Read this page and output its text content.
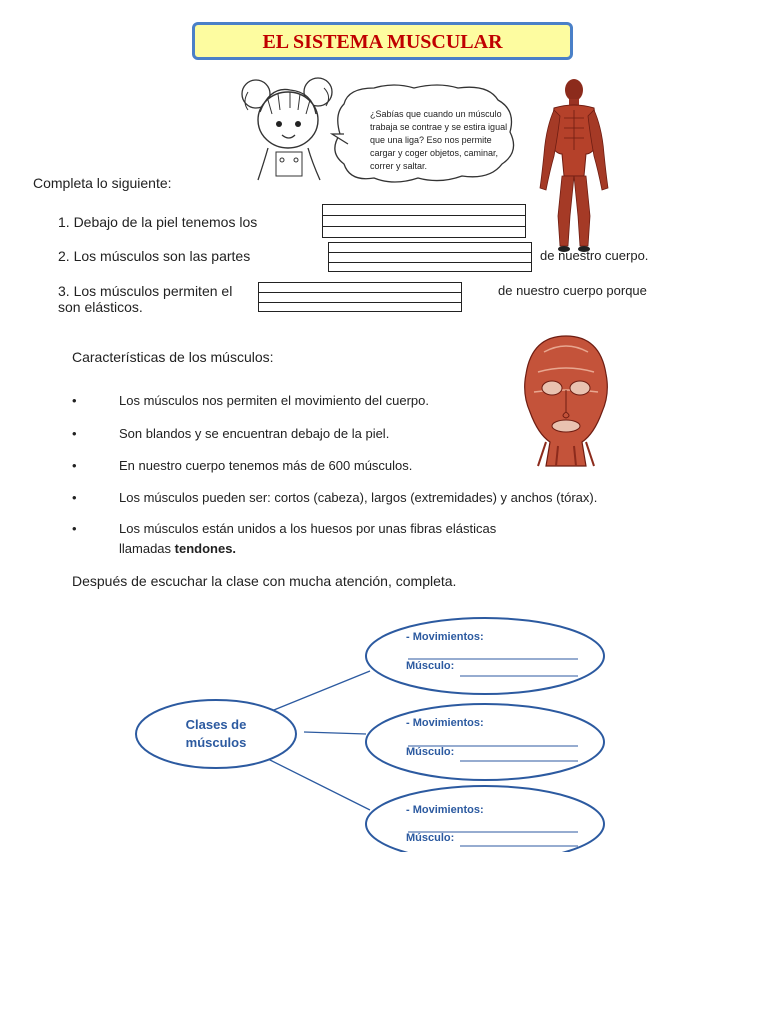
EL SISTEMA MUSCULAR
¿Sabías que cuando un músculo trabaja se contrae y se estira igual que una liga? Eso nos permite cargar y coger objetos, caminar, correr y saltar.
Completa lo siguiente:
1. Debajo de la piel tenemos los
2. Los músculos son las partes	de nuestro cuerpo.
3. Los músculos permiten el	de nuestro cuerpo porque
son elásticos.
Características de los músculos:
•	Los músculos nos permiten el movimiento del cuerpo.
•	Son blandos y se encuentran debajo de la piel.
•	En nuestro cuerpo tenemos más de 600 músculos.
•	Los músculos pueden ser: cortos (cabeza), largos (extremidades) y anchos (tórax).
•	Los músculos están unidos a los huesos por unas fibras elásticas
llamadas tendones.
Después de escuchar la clase con mucha atención, completa.
Clases de
músculos
- Movimientos:
Músculo:
- Movimientos:
Músculo:
- Movimientos:
Músculo:
